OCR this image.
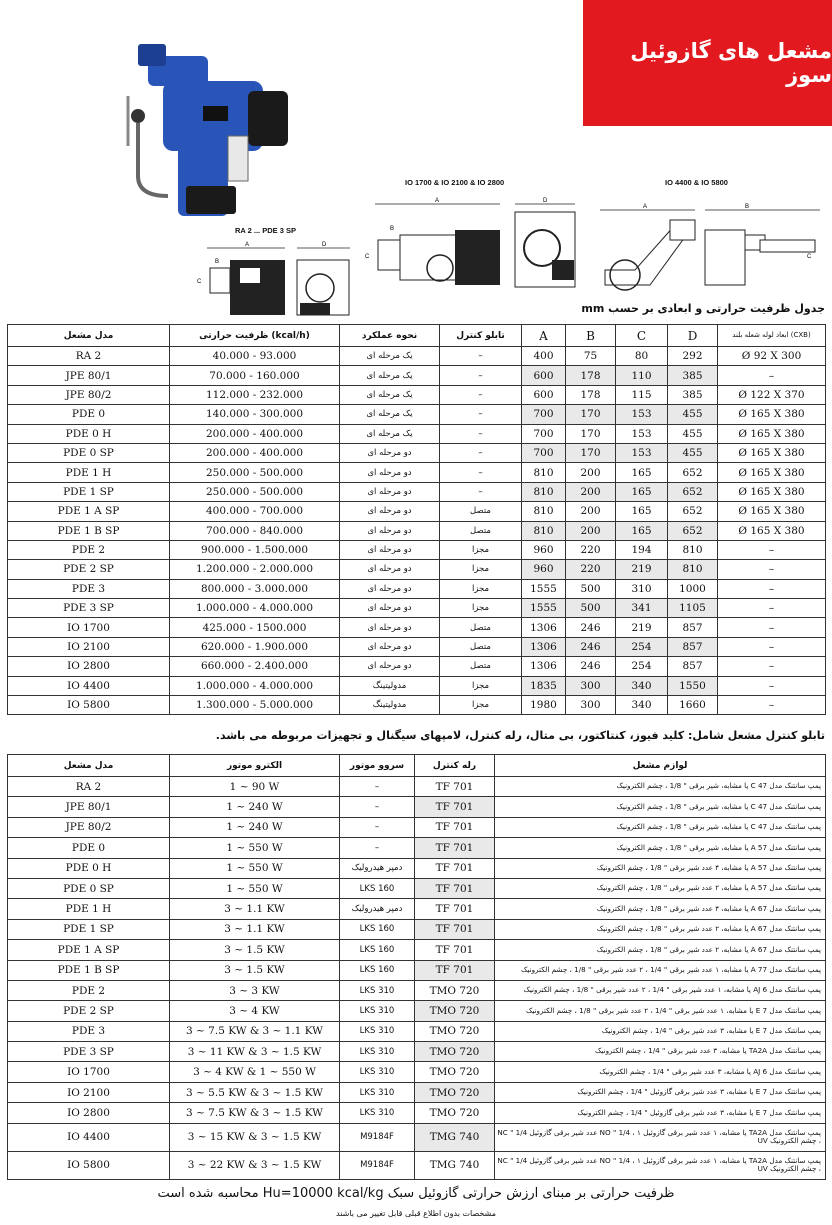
مشعل های گازوئیل سوز
RA 2 ... PDE 3 SP
A
C
B
D
IO 1700 & IO 2100 & IO 2800
A
C
B
D
IO 4400 & IO 5800
A	B
C
جدول ظرفیت حرارتی و ابعادی بر حسب mm
مدل مشعل	ظرفیت حرارتی (kcal/h)	نحوه عملکرد	تابلو کنترل	A	B	C	D	ابعاد لوله شعله بلند (CXB)
RA 2	40.000 - 93.000	یک مرحله ای	–	400	75	80	292	Ø 92 X 300
JPE 80/1	70.000 - 160.000	یک مرحله ای	–	600	178	110	385	–
JPE 80/2	112.000 - 232.000	یک مرحله ای	–	600	178	115	385	Ø 122 X 370
PDE 0	140.000 - 300.000	یک مرحله ای	–	700	170	153	455	Ø 165 X 380
PDE 0 H	200.000 - 400.000	یک مرحله ای	–	700	170	153	455	Ø 165 X 380
PDE 0 SP	200.000 - 400.000	دو مرحله ای	–	700	170	153	455	Ø 165 X 380
PDE 1 H	250.000 - 500.000	دو مرحله ای	–	810	200	165	652	Ø 165 X 380
PDE 1 SP	250.000 - 500.000	دو مرحله ای	–	810	200	165	652	Ø 165 X 380
PDE 1 A SP	400.000 - 700.000	دو مرحله ای	متصل	810	200	165	652	Ø 165 X 380
PDE 1 B SP	700.000 - 840.000	دو مرحله ای	متصل	810	200	165	652	Ø 165 X 380
PDE 2	900.000 - 1.500.000	دو مرحله ای	مجزا	960	220	194	810	–
PDE 2 SP	1.200.000 - 2.000.000	دو مرحله ای	مجزا	960	220	219	810	–
PDE 3	800.000 - 3.000.000	دو مرحله ای	مجزا	1555	500	310	1000	–
PDE 3 SP	1.000.000 - 4.000.000	دو مرحله ای	مجزا	1555	500	341	1105	–
IO 1700	425.000 - 1500.000	دو مرحله ای	متصل	1306	246	219	857	–
IO 2100	620.000 - 1.900.000	دو مرحله ای	متصل	1306	246	254	857	–
IO 2800	660.000 - 2.400.000	دو مرحله ای	متصل	1306	246	254	857	–
IO 4400	1.000.000 - 4.000.000	مدولیتینگ	مجزا	1835	300	340	1550	–
IO 5800	1.300.000 - 5.000.000	مدولیتینگ	مجزا	1980	300	340	1660	–
تابلو کنترل مشعل شامل: کلید فیوز، کنتاکتور، بی متال، رله کنترل، لامپهای سیگنال و تجهیزات مربوطه می باشد.
مدل مشعل	الکترو موتور	سروو موتور	رله کنترل	لوازم مشعل
RA 2	1 ~ 90 W	–	TF 701	پمپ سانتنک مدل C 47 یا مشابه، شیر برقی " 1/8 ، چشم الکترونیک
JPE 80/1	1 ~ 240 W	–	TF 701	پمپ سانتنک مدل C 47 یا مشابه، شیر برقی " 1/8 ، چشم الکترونیک
JPE 80/2	1 ~ 240 W	–	TF 701	پمپ سانتنک مدل C 47 یا مشابه، شیر برقی " 1/8 ، چشم الکترونیک
PDE 0	1 ~ 550 W	–	TF 701	پمپ سانتنک مدل A 57 یا مشابه، شیر برقی " 1/8 ، چشم الکترونیک
PDE 0 H	1 ~ 550 W	دمپر هیدرولیک	TF 701	پمپ سانتنک مدل A 57 یا مشابه، ۴ عدد شیر برقی " 1/8 ، چشم الکترونیک
PDE 0 SP	1 ~ 550 W	LKS 160	TF 701	پمپ سانتنک مدل A 57 یا مشابه، ۲ عدد شیر برقی " 1/8 ، چشم الکترونیک
PDE 1 H	3 ~ 1.1 KW	دمپر هیدرولیک	TF 701	پمپ سانتنک مدل A 67 یا مشابه، ۴ عدد شیر برقی " 1/8 ، چشم الکترونیک
PDE 1 SP	3 ~ 1.1 KW	LKS 160	TF 701	پمپ سانتنک مدل A 67 یا مشابه، ۲ عدد شیر برقی " 1/8 ، چشم الکترونیک
PDE 1 A SP	3 ~ 1.5 KW	LKS 160	TF 701	پمپ سانتنک مدل A 67 یا مشابه، ۲ عدد شیر برقی " 1/8 ، چشم الکترونیک
PDE 1 B SP	3 ~ 1.5 KW	LKS 160	TF 701	پمپ سانتنک مدل A 77 یا مشابه، ۱ عدد شیر برقی " 1/4 ، ۲ عدد شیر برقی " 1/8 ، چشم الکترونیک
PDE 2	3 ~ 3 KW	LKS 310	TMO 720	پمپ سانتنک مدل AJ 6 یا مشابه، ۱ عدد شیر برقی " 1/4 ، ۲ عدد شیر برقی " 1/8 ، چشم الکترونیک
PDE 2 SP	3 ~ 4 KW	LKS 310	TMO 720	پمپ سانتنک مدل E 7 یا مشابه، ۱ عدد شیر برقی " 1/4 ، ۲ عدد شیر برقی " 1/8 ، چشم الکترونیک
PDE 3	3 ~ 7.5 KW & 3 ~ 1.1 KW	LKS 310	TMO 720	پمپ سانتنک مدل E 7 یا مشابه، ۳ عدد شیر برقی " 1/4 ، چشم الکترونیک
PDE 3 SP	3 ~ 11 KW & 3 ~ 1.5 KW	LKS 310	TMO 720	پمپ سانتنک مدل TA2A یا مشابه، ۳ عدد شیر برقی " 1/4 ، چشم الکترونیک
IO 1700	3 ~ 4 KW & 1 ~ 550 W	LKS 310	TMO 720	پمپ سانتنک مدل AJ 6 یا مشابه، ۳ عدد شیر برقی " 1/4 ، چشم الکترونیک
IO 2100	3 ~ 5.5 KW & 3 ~ 1.5 KW	LKS 310	TMO 720	پمپ سانتنک مدل E 7 یا مشابه، ۳ عدد شیر برقی گازوئیل " 1/4 ، چشم الکترونیک
IO 2800	3 ~ 7.5 KW & 3 ~ 1.5 KW	LKS 310	TMO 720	پمپ سانتنک مدل E 7 یا مشابه، ۳ عدد شیر برقی گازوئیل " 1/4 ، چشم الکترونیک
IO 4400	3 ~ 15 KW & 3 ~ 1.5 KW	M9184F	TMG 740	پمپ سانتنک مدل TA2A یا مشابه، ۱ عدد شیر برقی گازوئیل NO " 1/4 ، ۱ عدد شیر برقی گازوئیل NC " 1/4 ، چشم الکترونیک UV
IO 5800	3 ~ 22 KW & 3 ~ 1.5 KW	M9184F	TMG 740	پمپ سانتنک مدل TA2A یا مشابه، ۱ عدد شیر برقی گازوئیل NO " 1/4 ، ۱ عدد شیر برقی گازوئیل NC " 1/4 ، چشم الکترونیک UV
ظرفیت حرارتی بر مبنای ارزش حرارتی گازوئیل سبک Hu=10000 kcal/kg محاسبه شده است
مشخصات بدون اطلاع قبلی قابل تغییر می باشند
